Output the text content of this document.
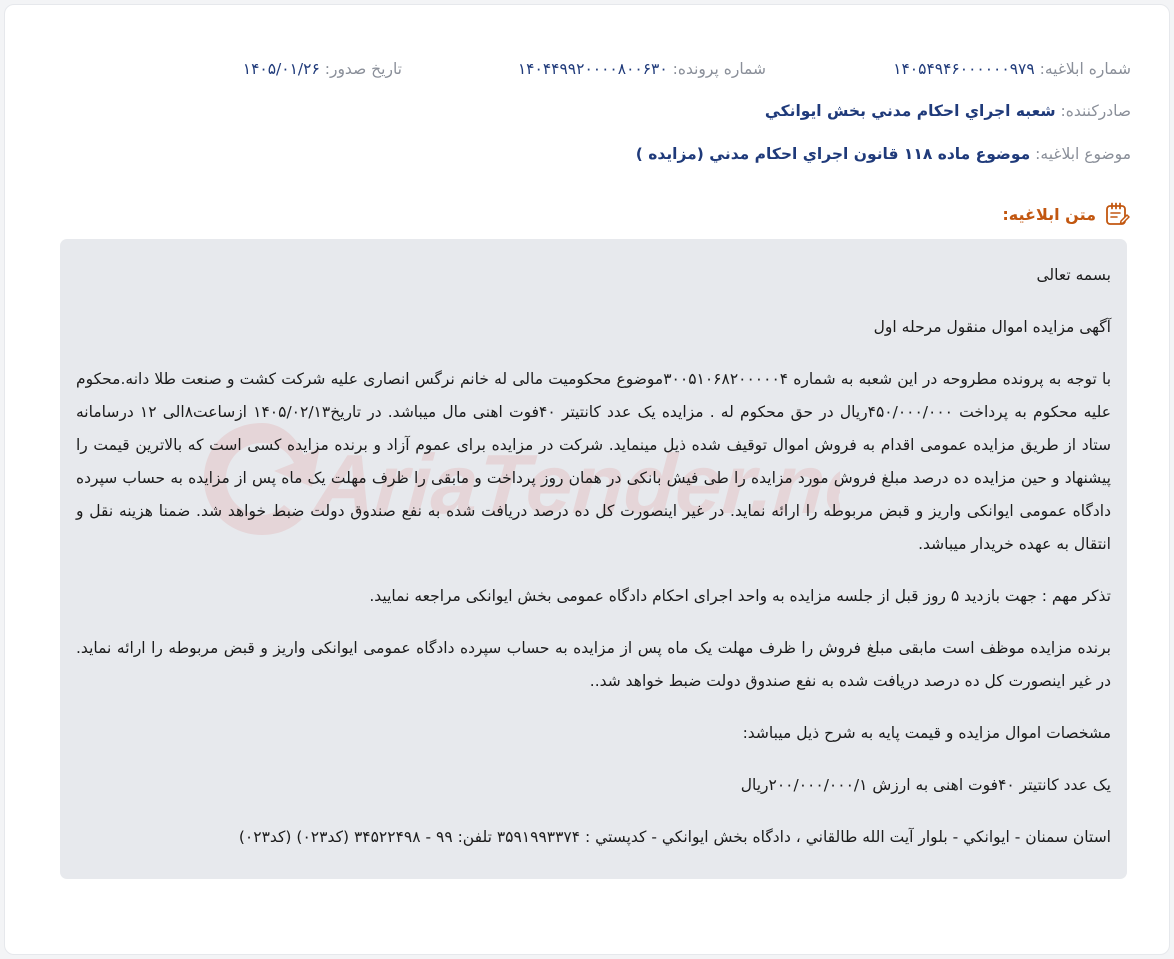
شماره ابلاغیه: ۱۴۰۵۴۹۴۶۰۰۰۰۰۰۹۷۹
شماره پرونده: ۱۴۰۴۴۹۹۲۰۰۰۰۸۰۰۶۳۰
تاریخ صدور: ۱۴۰۵/۰۱/۲۶
صادرکننده: شعبه اجراي احكام مدني بخش ايوانكي
موضوع ابلاغیه: موضوع ماده ۱۱۸ قانون اجراي احكام مدني (مزايده )
متن ابلاغیه:
AriaTender.net

بسمه تعالی

آگهی مزایده اموال منقول مرحله اول

با توجه به پرونده مطروحه در این شعبه به شماره ۳۰۰۵۱۰۶۸۲۰۰۰۰۰۴موضوع محکومیت مالی له خانم نرگس انصاری علیه شرکت کشت و صنعت طلا دانه.محکوم علیه محکوم به پرداخت ۴۵۰/۰۰۰/۰۰۰ریال در حق محکوم له . مزایده یک عدد کانتیتر ۴۰فوت اهنی مال میباشد. در تاریخ۱۴۰۵/۰۲/۱۳ ازساعت۸الی ۱۲ درسامانه ستاد از طریق مزایده عمومی اقدام به فروش اموال توقیف شده ذیل مینماید. شرکت در مزایده برای عموم آزاد و برنده مزایده کسی است که بالاترین قیمت را پیشنهاد و حین مزایده ده درصد مبلغ فروش مورد مزایده را طی فیش بانکی در همان روز پرداخت و مابقی را ظرف مهلت یک ماه پس از مزایده به حساب سپرده دادگاه عمومی ایوانکی واریز و قبض مربوطه را ارائه نماید. در غیر اینصورت کل ده درصد دریافت شده به نفع صندوق دولت ضبط خواهد شد. ضمنا هزینه نقل و انتقال به عهده خریدار میباشد.

تذکر مهم : جهت بازدید ۵ روز قبل از جلسه مزایده به واحد اجرای احکام دادگاه عمومی بخش ایوانکی مراجعه نمایید.

برنده مزایده موظف است مابقی مبلغ فروش را ظرف مهلت یک ماه پس از مزایده به حساب سپرده دادگاه عمومی ایوانکی واریز و قبض مربوطه را ارائه نماید. در غیر اینصورت کل ده درصد دریافت شده به نفع صندوق دولت ضبط خواهد شد..

مشخصات اموال مزایده و قیمت پایه به شرح ذیل میباشد:

یک عدد کانتیتر ۴۰فوت اهنی به ارزش ۲۰۰/۰۰۰/۰۰۰/۱ریال

استان سمنان - ايوانكي - بلوار آيت الله طالقاني ، دادگاه بخش ايوانكي - كدپستي : ۳۵۹۱۹۹۳۳۷۴ تلفن: ۹۹ - ۳۴۵۲۲۴۹۸ (کد۰۲۳) (کد۰۲۳)
